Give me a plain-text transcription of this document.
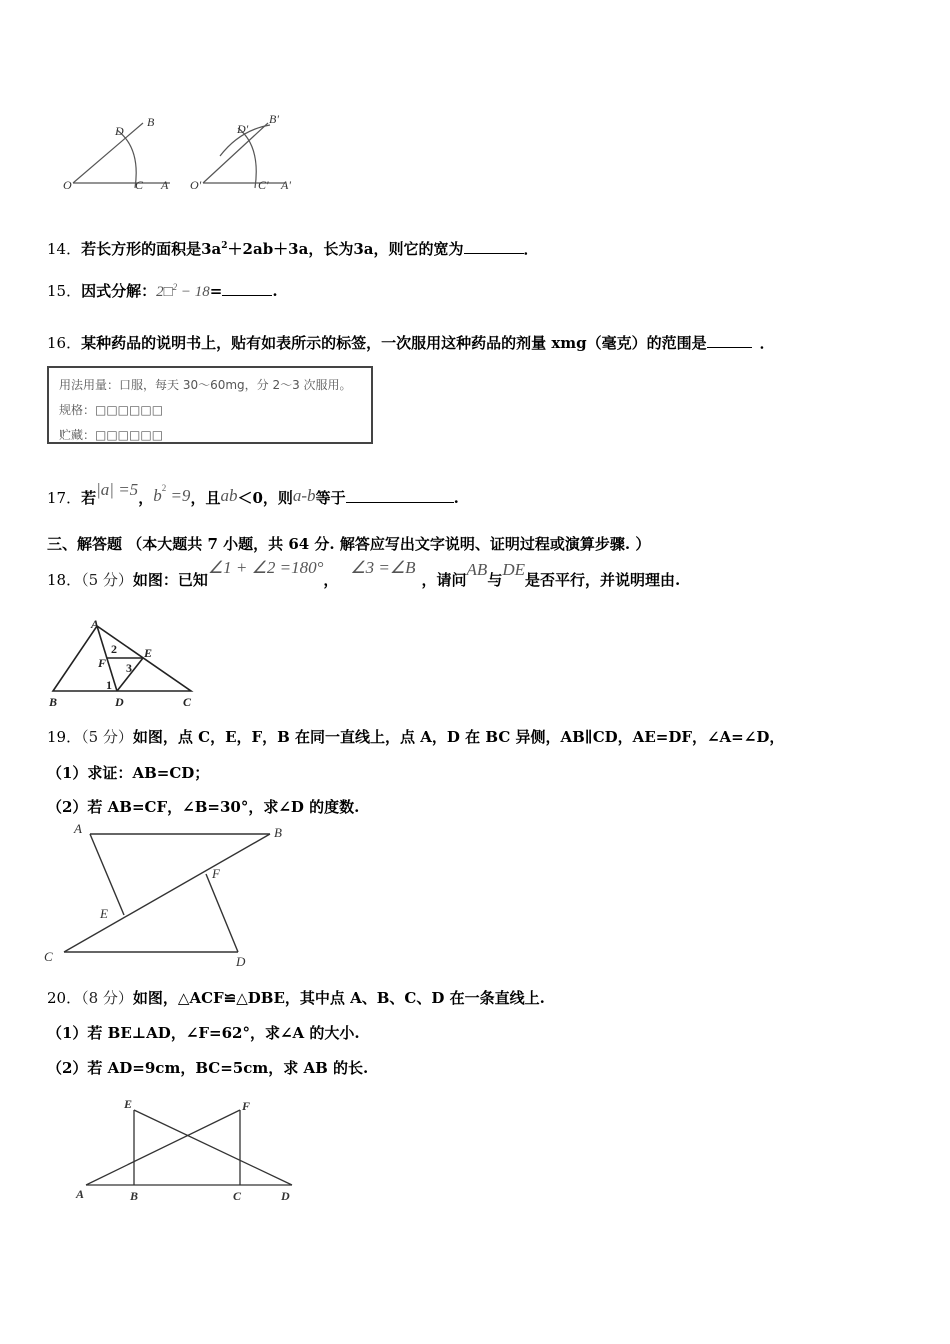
D
B
O	C A
D'
B'
O'	C' A'
14．若长方形的面积是$3a^2+2ab+3a$，长为3a，则它的宽为	．
15．因式分解：2□$^2$ − 18=	.
16．某种药品的说明书上，贴有如表所示的标签，一次服用这种药品的剂量 xmg（毫克）的范围是	．
用法用量：口服，每天 30～60mg，分 2～3 次服用。
规格：□□□□□□
贮藏：□□□□□□
17．若|a| =5，$b^2 =9$，且ab＜0，则a-b等于	.
三、解答题 （本大题共 7 小题，共 64 分. 解答应写出文字说明、证明过程或演算步骤. ）
18．（5 分）如图：已知∠1 + ∠2 =180°，∠3 =∠B，请问AB与DE是否平行，并说明理由.
A
B	C
D
E
F
1
2
3
19．（5 分）如图，点 C，E，F，B 在同一直线上，点 A，D 在 BC 异侧，AB∥CD，AE=DF，∠A=∠D，
（1）求证：AB=CD；
（2）若 AB=CF，∠B=30°，求∠D 的度数.
A	B
C	D
E
F
20．（8 分）如图，△ACF≌△DBE，其中点 A、B、C、D 在一条直线上.
（1）若 BE⊥AD，∠F=62°，求∠A 的大小.
（2）若 AD=9cm，BC=5cm，求 AB 的长.
A	B	C	D
E	F
